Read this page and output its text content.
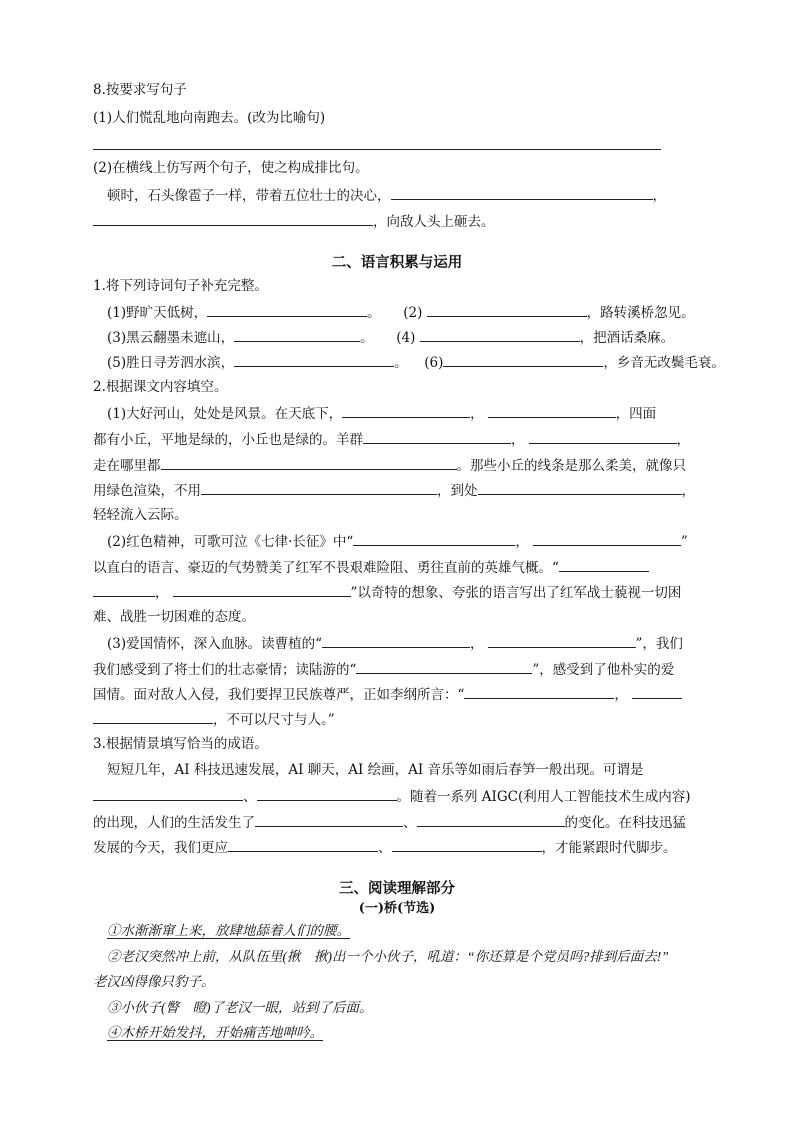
8.按要求写句子
(1)人们慌乱地向南跑去。(改为比喻句)
(2)在横线上仿写两个句子，使之构成排比句。
顿时，石头像雹子一样，带着五位壮士的决心，	，
，向敌人头上砸去。
二、语言积累与运用
1.将下列诗词句子补充完整。
(1)野旷天低树，	。 (2)	，路转溪桥忽见。
(3)黑云翻墨未遮山，	。 (4)	，把酒话桑麻。
(5)胜日寻芳泗水滨，	。 (6)	，乡音无改鬓毛衰。
2.根据课文内容填空。
(1)大好河山，处处是风景。在天底下，	，	，四面
都有小丘，平地是绿的，小丘也是绿的。羊群	，	，
走在哪里都	。那些小丘的线条是那么柔美，就像只
用绿色渲染，不用	，到处	，
轻轻流入云际。
(2)红色精神，可歌可泣《七律·长征》中“	，	”
以直白的语言、豪迈的气势赞美了红军不畏艰难险阻、勇往直前的英雄气概。“
，	”以奇特的想象、夸张的语言写出了红军战士藐视一切困
难、战胜一切困难的态度。
(3)爱国情怀，深入血脉。读曹植的“	，	”，我们
我们感受到了将士们的壮志豪情；读陆游的“	”，感受到了他朴实的爱
国情。面对敌人入侵，我们要捍卫民族尊严，正如李纲所言：“	，
，不可以尺寸与人。”
3.根据情景填写恰当的成语。
短短几年，AI 科技迅速发展，AI 聊天，AI 绘画，AI 音乐等如雨后春笋一般出现。可谓是
、	。随着一系列 AIGC(利用人工智能技术生成内容)
的出现，人们的生活发生了	、	的变化。在科技迅猛
发展的今天，我们更应	、	，才能紧跟时代脚步。
三、阅读理解部分
(一)桥(节选)
①水渐渐窜上来，放肆地舔着人们的腰。
②老汉突然冲上前，从队伍里(揪　揪)出一个小伙子，吼道：“你还算是个党员吗?排到后面去!”
老汉凶得像只豹子。
③小伙子(瞥　瞪)了老汉一眼，站到了后面。
④木桥开始发抖，开始痛苦地呻吟。
